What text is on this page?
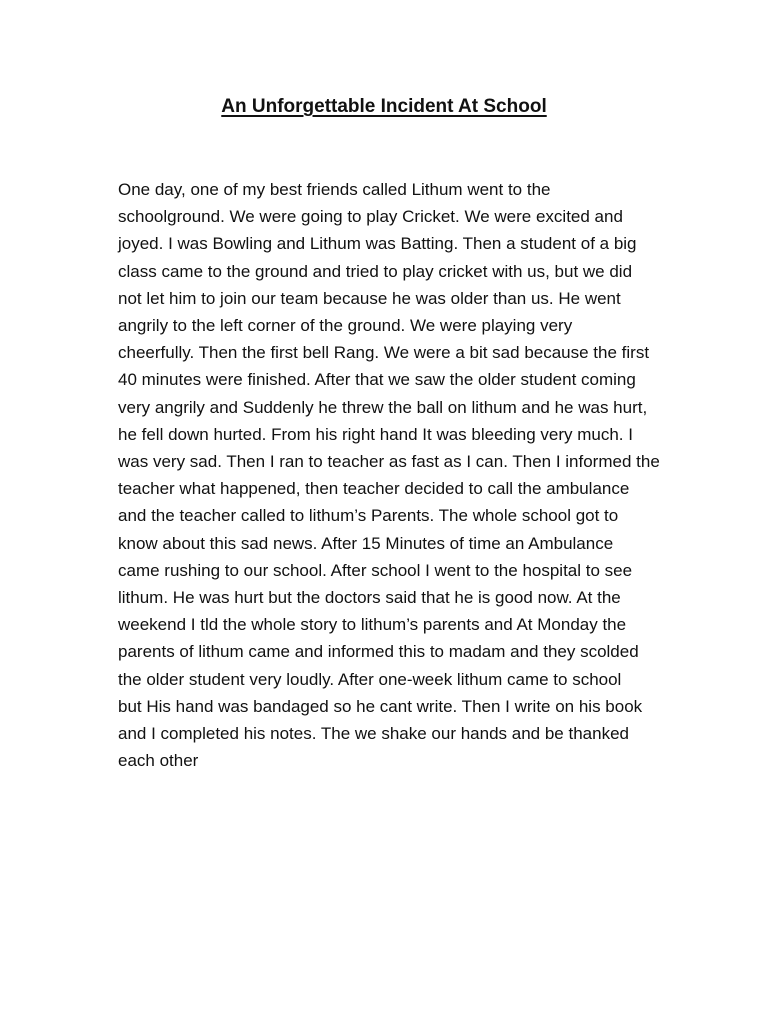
An Unforgettable Incident At School
One day, one of my best friends called Lithum went to the
schoolground. We were going to play Cricket. We were excited and
joyed. I was Bowling and Lithum was Batting. Then a student of a big
class came to the ground and tried to play cricket with us, but we did
not let him to join our team because he was older than us. He went
angrily to the left corner of the ground. We were playing very
cheerfully. Then the first bell Rang. We were a bit sad because the first
40 minutes were finished. After that we saw the older student coming
very angrily and Suddenly he threw the ball on lithum and he was hurt,
he fell down hurted. From his right hand It was bleeding very much. I
was very sad. Then I ran to teacher as fast as I can. Then I informed the
teacher what happened, then teacher decided to call the ambulance
and the teacher called to lithum’s Parents. The whole school got to
know about this sad news. After 15 Minutes of time an Ambulance
came rushing to our school. After school I went to the hospital to see
lithum. He was hurt but the doctors said that he is good now. At the
weekend I tld the whole story to lithum’s parents and At Monday the
parents of lithum came and informed this to madam and they scolded
the older student very loudly. After one-week lithum came to school
but His hand was bandaged so he cant write. Then I write on his book
and I completed his notes. The we shake our hands and be thanked
each other
